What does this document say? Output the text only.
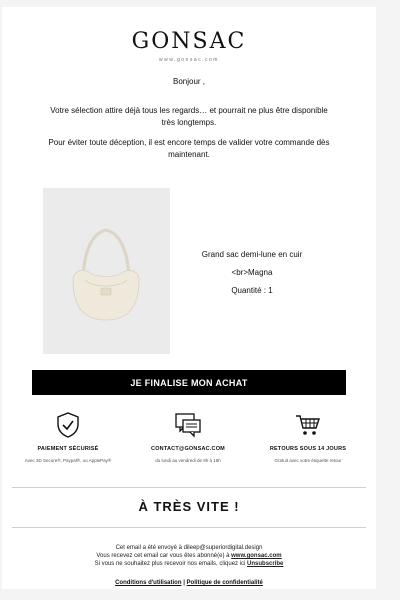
GONSAC
www.gonsac.com
Bonjour ,
Votre sélection attire déjà tous les regards… et pourrait ne plus être disponible très longtemps.
Pour éviter toute déception, il est encore temps de valider votre commande dès maintenant.
Grand sac demi-lune en cuir
<br>Magna
Quantité : 1
JE FINALISE MON ACHAT
PAIEMENT SÉCURISÉ
Avec 3D Secure®, Paypal®, ou ApplePay®
CONTACT@GONSAC.COM
du lundi au vendredi de 9h à 18h
RETOURS SOUS 14 JOURS
Gratuit avec votre étiquette retour
À TRÈS VITE !
Cet email a été envoyé à dileep@superiordigital.design
Vous recevez cet email car vous êtes abonné(e) à www.gonsac.com
Si vous ne souhaitez plus recevoir nos emails, cliquez ici Unsubscribe
Conditions d'utilisation | Politique de confidentialité
